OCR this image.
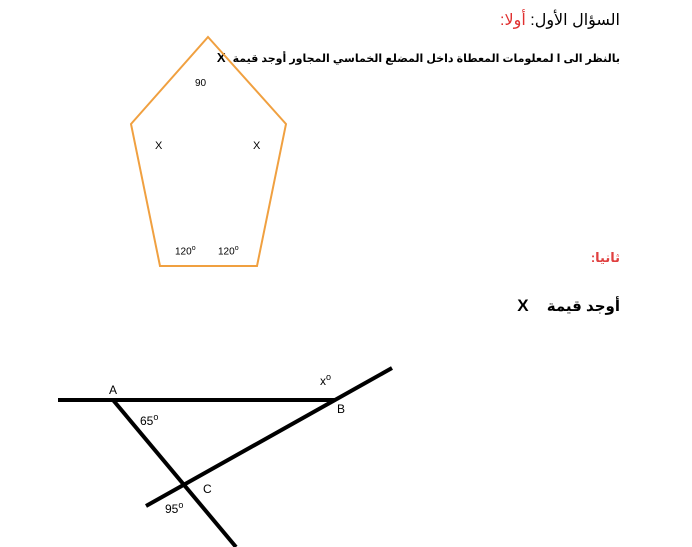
السؤال الأول: أولا:
بالنظر الى ا لمعلومات المعطاة داخل المضلع الخماسي المجاور أوجد قيمة X
ثانيا:
أوجد قيمة X
90
X	X
120$^o$ 120$^o$
A
B
C
65$^o$
95$^o$
$x^o$
